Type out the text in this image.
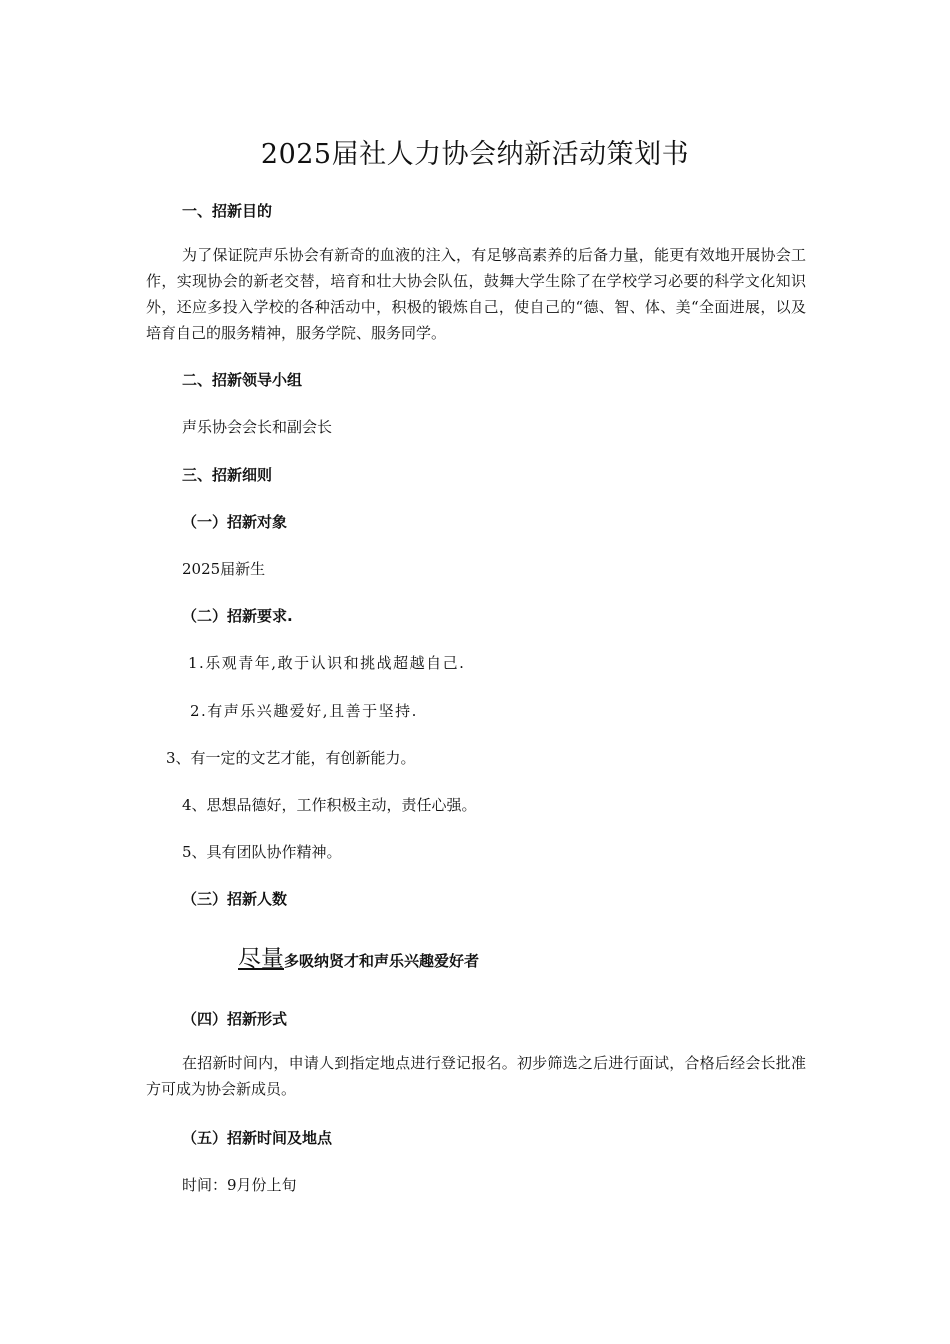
2025届社人力协会纳新活动策划书
一、招新目的
为了保证院声乐协会有新奇的血液的注入，有足够高素养的后备力量，能更有效地开展协会工作，实现协会的新老交替，培育和壮大协会队伍，鼓舞大学生除了在学校学习必要的科学文化知识外，还应多投入学校的各种活动中，积极的锻炼自己，使自己的“德、智、体、美“全面进展，以及培育自己的服务精神，服务学院、服务同学。
二、招新领导小组
声乐协会会长和副会长
三、招新细则
（一）招新对象
2025届新生
（二）招新要求.
1.乐观青年,敢于认识和挑战超越自己.
2.有声乐兴趣爱好,且善于坚持.
3、有一定的文艺才能，有创新能力。
4、思想品德好，工作积极主动，责任心强。
5、具有团队协作精神。
（三）招新人数
尽量多吸纳贤才和声乐兴趣爱好者
（四）招新形式
在招新时间内，申请人到指定地点进行登记报名。初步筛选之后进行面试，合格后经会长批准方可成为协会新成员。
（五）招新时间及地点
时间：9月份上旬
